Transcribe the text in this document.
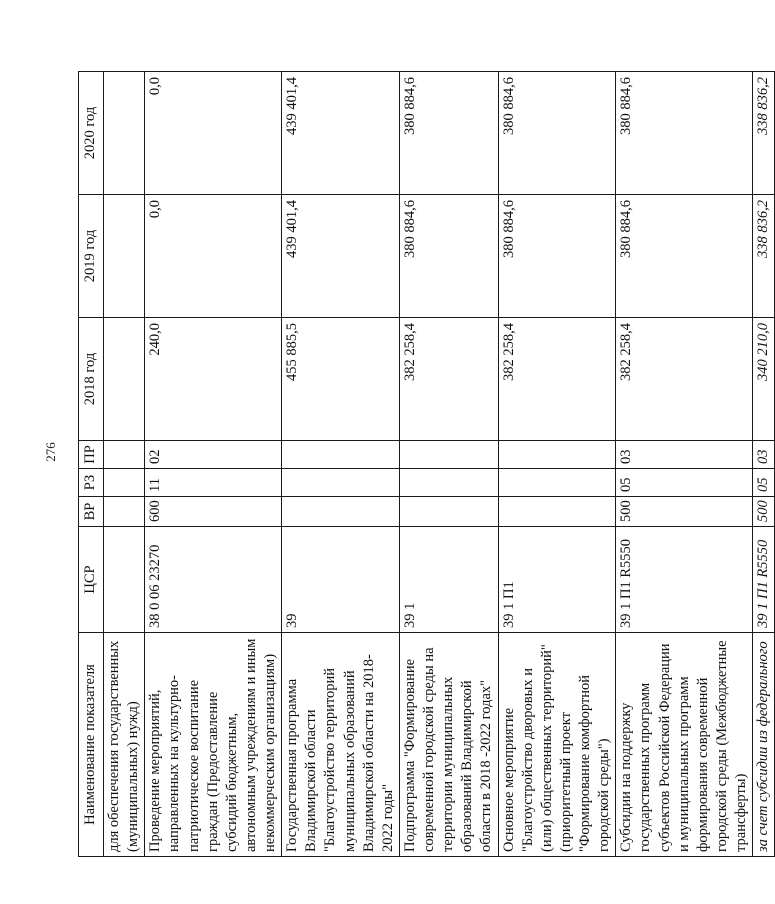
276
Наименование показателя	ЦСР	ВР	РЗ	ПР	2018 год	2019 год	2020 год
для обеспечения государственных (муниципальных) нужд)							
Проведение мероприятий, направленных на культурно-патриотическое воспитание граждан (Предоставление субсидий бюджетным, автономным учреждениям и иным некоммерческим организациям)	38 0 06 23270	600	11	02	240,0	0,0	0,0
Государственная программа Владимирской области "Благоустройство территорий муниципальных образований Владимирской области на 2018-2022 годы"	39				455 885,5	439 401,4	439 401,4
Подпрограмма "Формирование современной городской среды на территории муниципальных образований Владимирской области в 2018 -2022 годах"	39 1				382 258,4	380 884,6	380 884,6
Основное мероприятие "Благоустройство дворовых и (или) общественных территорий" (приоритетный проект "Формирование комфортной городской среды")	39 1 П1				382 258,4	380 884,6	380 884,6
Субсидии на поддержку государственных программ субъектов Российской Федерации и муниципальных программ формирования современной городской среды (Межбюджетные трансферты)	39 1 П1 R5550	500	05	03	382 258,4	380 884,6	380 884,6
за счет субсидии из федерального	39 1 П1 R5550	500	05	03	340 210,0	338 836,2	338 836,2
